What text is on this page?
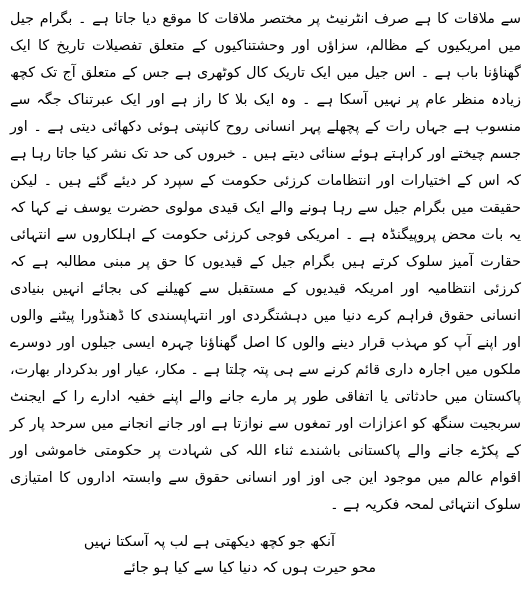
سے ملاقات کا ہے صرف انٹرنیٹ پر مختصر ملاقات کا موقع دیا جاتا ہے ۔ بگرام جیل میں امریکیوں کے مظالم، سزاؤں اور وحشتناکیوں کے متعلق تفصیلات تاریخ کا ایک گھناؤنا باب ہے ۔ اس جیل میں ایک تاریک کال کوٹھری ہے جس کے متعلق آج تک کچھ زیادہ منظر عام پر نہیں آسکا ہے ۔ وہ ایک بلا کا راز ہے اور ایک عبرتناک جگہ سے منسوب ہے جہاں رات کے پچھلے پہر انسانی روح کانپتی ہوئی دکھائی دیتی ہے ۔ اور جسم چیختے اور کراہتے ہوئے سنائی دیتے ہیں ۔ خبروں کی حد تک نشر کیا جاتا رہا ہے کہ اس کے اختیارات اور انتظامات کرزئی حکومت کے سپرد کر دیئے گئے ہیں ۔ لیکن حقیقت میں بگرام جیل سے رہا ہونے والے ایک قیدی مولوی حضرت یوسف نے کہا کہ یہ بات محض پروپیگنڈہ ہے ۔ امریکی فوجی کرزئی حکومت کے اہلکاروں سے انتہائی حقارت آمیز سلوک کرتے ہیں بگرام جیل کے قیدیوں کا حق پر مبنی مطالبہ ہے کہ کرزئی انتظامیہ اور امریکہ قیدیوں کے مستقبل سے کھیلنے کی بجائے انہیں بنیادی انسانی حقوق فراہم کرے دنیا میں دہشتگردی اور انتہاپسندی کا ڈھنڈورا پیٹنے والوں اور اپنے آپ کو مہذب قرار دینے والوں کا اصل گھناؤنا چہرہ ایسی جیلوں اور دوسرے ملکوں میں اجارہ داری قائم کرنے سے ہی پتہ چلتا ہے ۔ مکار، عیار اور بدکردار بھارت، پاکستان میں حادثاتی یا اتفاقی طور پر مارے جانے والے اپنے خفیہ ادارے را کے ایجنٹ سربجیت سنگھ کو اعزازات اور تمغوں سے نوازتا ہے اور جانے انجانے میں سرحد پار کر کے پکڑے جانے والے پاکستانی باشندے ثناء اللہ کی شہادت پر حکومتی خاموشی اور اقوام عالم میں موجود این جی اوز اور انسانی حقوق سے وابستہ اداروں کا امتیازی سلوک انتہائی لمحہ فکریہ ہے ۔

آنکھ جو کچھ دیکھتی ہے لب پہ آسکتا نہیں
محو حیرت ہوں کہ دنیا کیا سے کیا ہو جائے
